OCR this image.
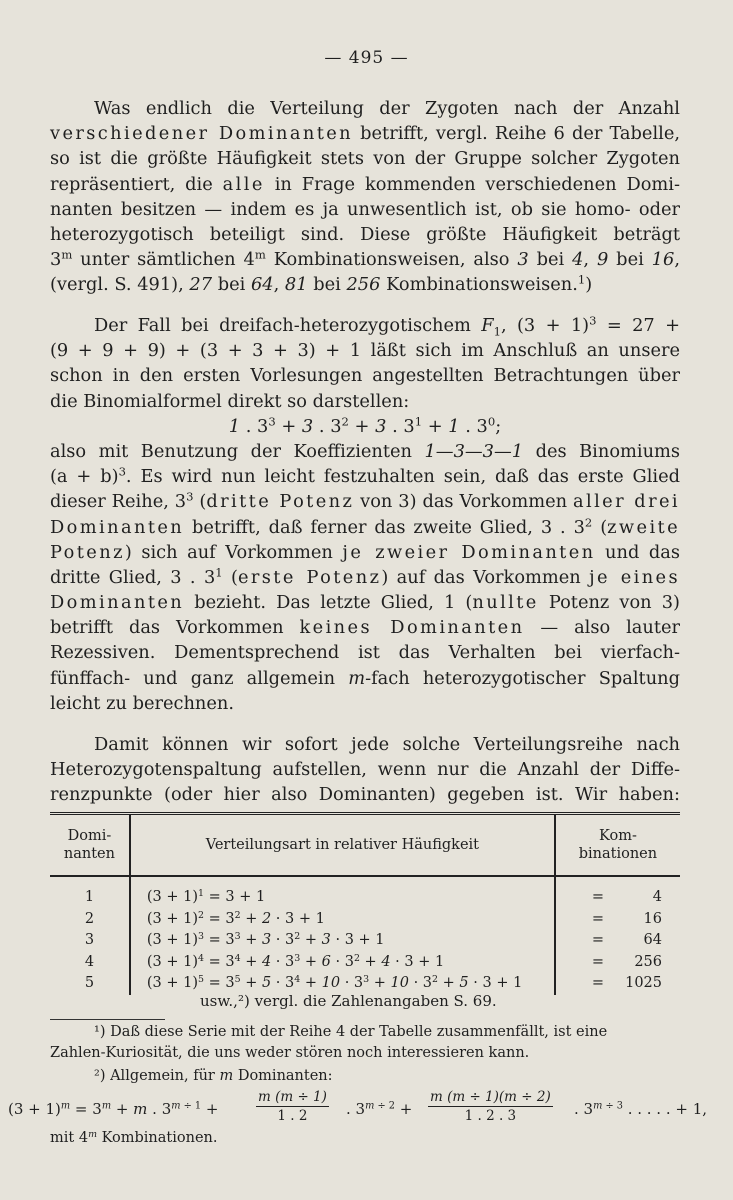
— 495 —
Was endlich die Verteilung der Zygoten nach der Anzahl
verschiedener Dominanten betrifft, vergl. Reihe 6 der Tabelle,
so ist die größte Häufigkeit stets von der Gruppe solcher Zygoten
repräsentiert, die alle in Frage kommenden verschiedenen Domi-
nanten besitzen — indem es ja unwesentlich ist, ob sie homo- oder
heterozygotisch beteiligt sind. Diese größte Häufigkeit beträgt
3$^m$ unter sämtlichen 4$^m$ Kombinationsweisen, also 3 bei 4, 9 bei 16,
(vergl. S. 491), 27 bei 64, 81 bei 256 Kombinationsweisen.$^1$)
Der Fall bei dreifach-heterozygotischem $F_1$, $(3 + 1)^3 = 27$ +
(9 + 9 + 9) + (3 + 3 + 3) + 1 läßt sich im Anschluß an unsere
schon in den ersten Vorlesungen angestellten Betrachtungen über
die Binomialformel direkt so darstellen:
1 . $3^3 + 3$ . $3^2 + 3$ . $3^1 + 1$ . $3^0$;
also mit Benutzung der Koeffizienten 1—3—3—1 des Binomiums
$(a + b)^3$. Es wird nun leicht festzuhalten sein, daß das erste Glied
dieser Reihe, $3^3$ (dritte Potenz von 3) das Vorkommen aller drei
Dominanten betrifft, daß ferner das zweite Glied, 3 . $3^2$ (zweite
Potenz) sich auf Vorkommen je zweier Dominanten und das
dritte Glied, 3 . $3^1$ (erste Potenz) auf das Vorkommen je eines
Dominanten bezieht. Das letzte Glied, 1 (nullte Potenz von 3)
betrifft das Vorkommen keines Dominanten — also lauter
Rezessiven. Dementsprechend ist das Verhalten bei vierfach-
fünffach- und ganz allgemein m-fach heterozygotischer Spaltung
leicht zu berechnen.
Damit können wir sofort jede solche Verteilungsreihe nach
Heterozygotenspaltung aufstellen, wenn nur die Anzahl der Diffe-
renzpunkte (oder hier also Dominanten) gegeben ist. Wir haben:
Domi-
nanten	Verteilungsart in relativer Häufigkeit	Kom-
binationen
1	$(3 + 1)^1 = 3 + 1$	= 4
2	$(3 + 1)^2 = 3^2 + 2 \cdot 3 + 1$	= 16
3	$(3 + 1)^3 = 3^3 + 3 \cdot 3^2 + 3 \cdot 3 + 1$	= 64
4	$(3 + 1)^4 = 3^4 + 4 \cdot 3^3 + 6 \cdot 3^2 + 4 \cdot 3 + 1$	= 256
5	$(3 + 1)^5 = 3^5 + 5 \cdot 3^4 + 10 \cdot 3^3 + 10 \cdot 3^2 + 5 \cdot 3 + 1$	= 1025
usw.,²) vergl. die Zahlenangaben S. 69.
¹) Daß diese Serie mit der Reihe 4 der Tabelle zusammenfällt, ist eine
Zahlen-Kuriosität, die uns weder stören noch interessieren kann.
²) Allgemein, für m Dominanten:
$(3 + 1)^m = 3^m + m$ . $3^{m \div 1}$ +	$\frac{m (m \div 1)}{1 . 2}$ . $3^{m \div 2} + \frac{m (m \div 1)(m \div 2)}{1 . 2 . 3}$ . $3^{m \div 3}$ . . . . . + 1,
mit 4$^m$ Kombinationen.
